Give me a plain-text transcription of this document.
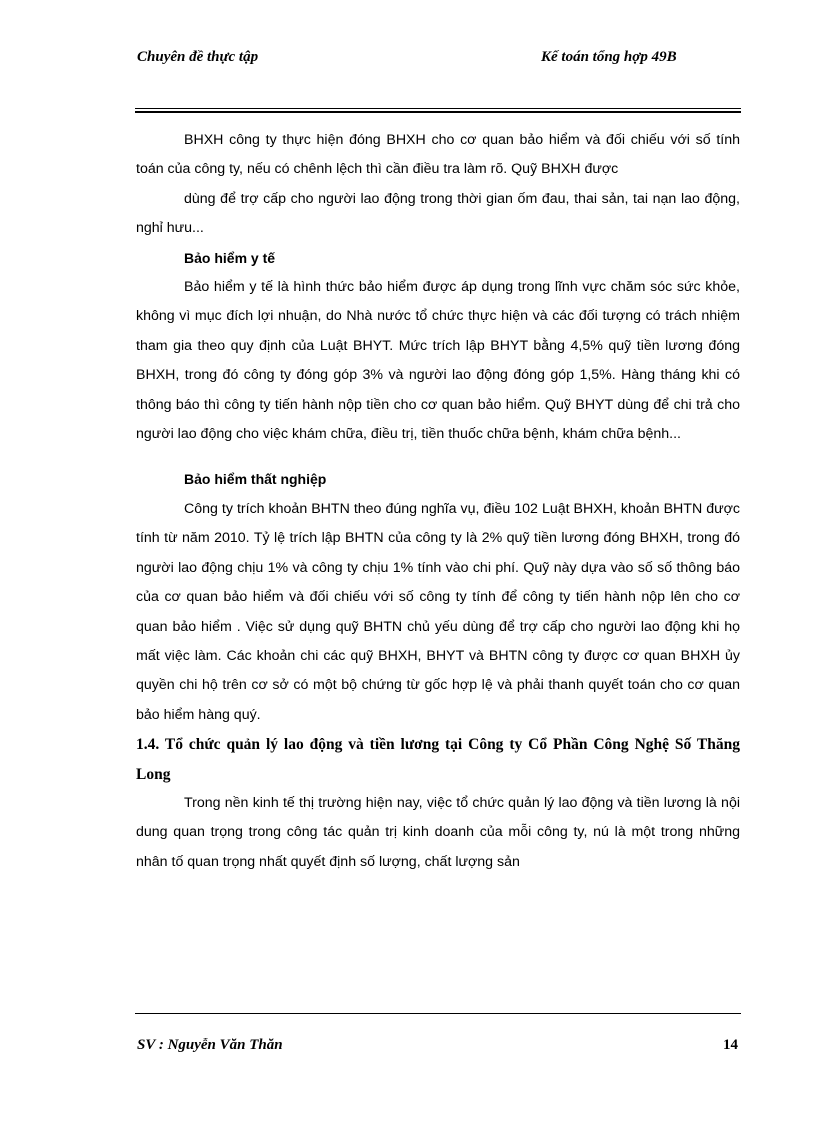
Chuyên đề thực tập	Kế toán tổng hợp 49B

BHXH công ty thực hiện đóng BHXH cho cơ quan bảo hiểm và đối chiếu với số tính toán của công ty, nếu có chênh lệch thì cần điều tra làm rõ. Quỹ BHXH được

dùng để trợ cấp cho người lao động trong thời gian ốm đau, thai sản, tai nạn lao động, nghỉ hưu...

Bảo hiểm y tế

Bảo hiểm y tế là hình thức bảo hiểm được áp dụng trong lĩnh vực chăm sóc sức khỏe, không vì mục đích lợi nhuận, do Nhà nước tổ chức thực hiện và các đối tượng có trách nhiệm tham gia theo quy định của Luật BHYT. Mức trích lập BHYT bằng 4,5% quỹ tiền lương đóng BHXH, trong đó công ty đóng góp 3% và người lao động đóng góp 1,5%. Hàng tháng khi có thông báo thì công ty tiến hành nộp tiền cho cơ quan bảo hiểm. Quỹ BHYT dùng để chi trả cho người lao động cho việc khám chữa, điều trị, tiền thuốc chữa bệnh, khám chữa bệnh...

Bảo hiểm thất nghiệp

Công ty trích khoản BHTN theo đúng nghĩa vụ, điều 102 Luật BHXH, khoản BHTN được tính từ năm 2010. Tỷ lệ trích lập BHTN của công ty là 2% quỹ tiền lương đóng BHXH, trong đó người lao động chịu 1% và công ty chịu 1% tính vào chi phí. Quỹ này dựa vào số số thông báo của cơ quan bảo hiểm và đối chiếu với số công ty tính để công ty tiến hành nộp lên cho cơ quan bảo hiểm . Việc sử dụng quỹ BHTN chủ yếu dùng để trợ cấp cho người lao động khi họ mất việc làm. Các khoản chi các quỹ BHXH, BHYT và BHTN công ty được cơ quan BHXH ủy quyền chi hộ trên cơ sở có một bộ chứng từ gốc hợp lệ và phải thanh quyết toán cho cơ quan bảo hiểm hàng quý.

1.4. Tổ chức quản lý lao động và tiền lương tại Công ty Cổ Phần Công Nghệ Số Thăng Long

Trong nền kinh tế thị trường hiện nay, việc tổ chức quản lý lao động và tiền lương là nội dung quan trọng trong công tác quản trị kinh doanh của mỗi công ty, nú là một trong những nhân tố quan trọng nhất quyết định số lượng, chất lượng sản

SV : Nguyễn Văn Thăn	14
